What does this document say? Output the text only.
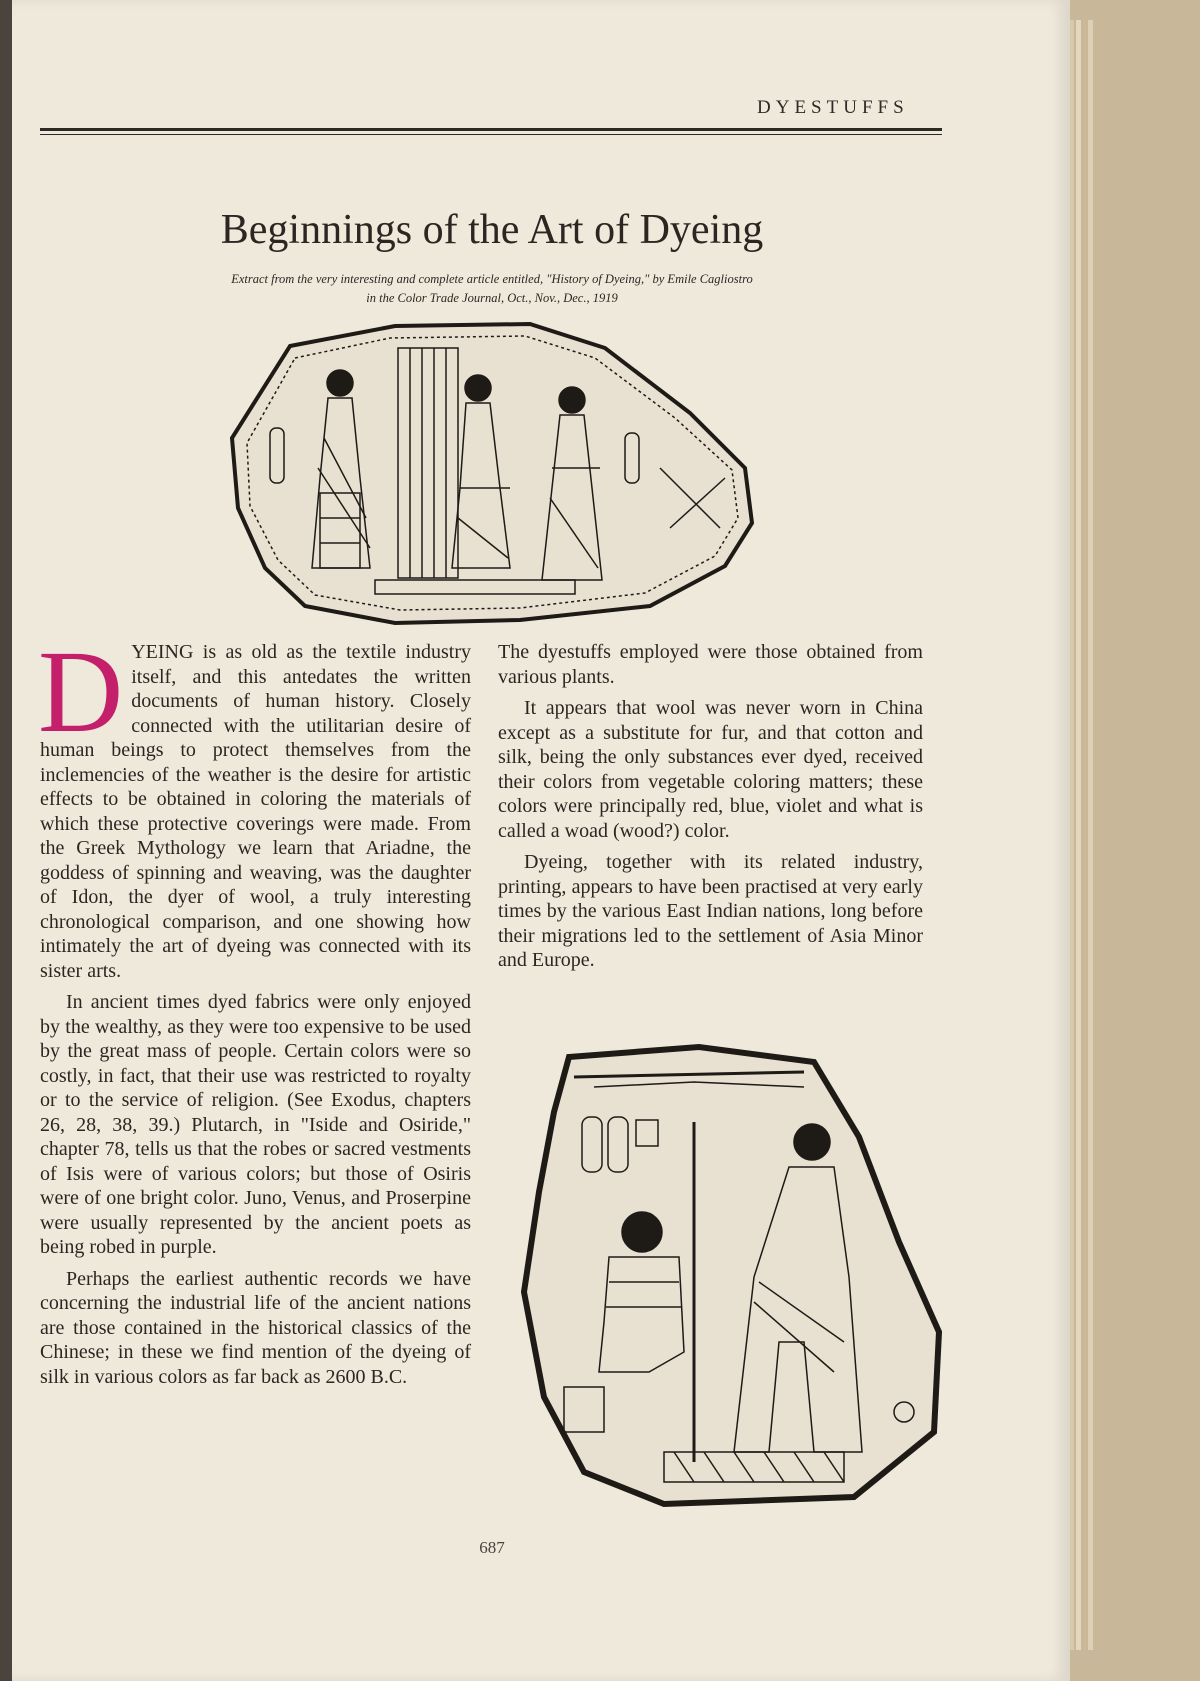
DYESTUFFS
Beginnings of the Art of Dyeing
Extract from the very interesting and complete article entitled, "History of Dyeing," by Emile Cagliostro
in the Color Trade Journal, Oct., Nov., Dec., 1919

DYEING is as old as the textile industry itself, and this antedates the written documents of human history. Closely connected with the utilitarian desire of human beings to protect themselves from the inclemencies of the weather is the desire for artistic effects to be obtained in coloring the materials of which these protective coverings were made. From the Greek Mythology we learn that Ariadne, the goddess of spinning and weaving, was the daughter of Idon, the dyer of wool, a truly interesting chronological comparison, and one showing how intimately the art of dyeing was connected with its sister arts.

In ancient times dyed fabrics were only enjoyed by the wealthy, as they were too expensive to be used by the great mass of people. Certain colors were so costly, in fact, that their use was restricted to royalty or to the service of religion. (See Exodus, chapters 26, 28, 38, 39.) Plutarch, in "Iside and Osiride," chapter 78, tells us that the robes or sacred vestments of Isis were of various colors; but those of Osiris were of one bright color. Juno, Venus, and Proserpine were usually represented by the ancient poets as being robed in purple.

Perhaps the earliest authentic records we have concerning the industrial life of the ancient nations are those contained in the historical classics of the Chinese; in these we find mention of the dyeing of silk in various colors as far back as 2600 B.C.

The dyestuffs employed were those obtained from various plants.

It appears that wool was never worn in China except as a substitute for fur, and that cotton and silk, being the only substances ever dyed, received their colors from vegetable coloring matters; these colors were principally red, blue, violet and what is called a woad (wood?) color.

Dyeing, together with its related industry, printing, appears to have been practised at very early times by the various East Indian nations, long before their migrations led to the settlement of Asia Minor and Europe.

687
